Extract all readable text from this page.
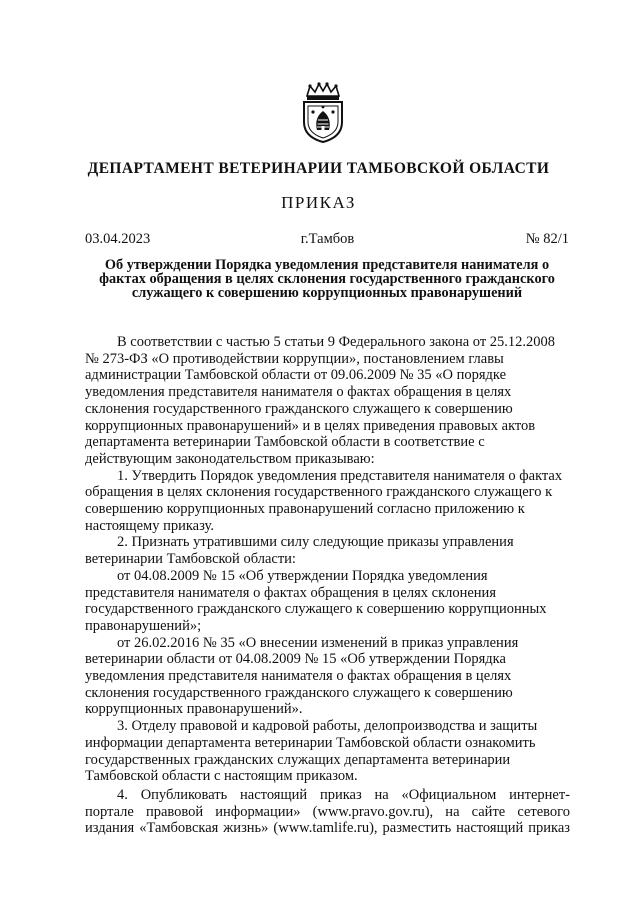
ДЕПАРТАМЕНТ ВЕТЕРИНАРИИ ТАМБОВСКОЙ ОБЛАСТИ
ПРИКАЗ
03.04.2023	г.Тамбов	№ 82/1
Об утверждении Порядка уведомления представителя нанимателя о
фактах обращения в целях склонения государственного гражданского
служащего к совершению коррупционных правонарушений

В соответствии с частью 5 статьи 9 Федерального закона от 25.12.2008
№ 273-ФЗ «О противодействии коррупции», постановлением главы
администрации Тамбовской области от 09.06.2009 № 35 «О порядке
уведомления представителя нанимателя о фактах обращения в целях
склонения государственного гражданского служащего к совершению
коррупционных правонарушений» и в целях приведения правовых актов
департамента ветеринарии Тамбовской области в соответствие с
действующим законодательством приказываю:

1. Утвердить Порядок уведомления представителя нанимателя о фактах
обращения в целях склонения государственного гражданского служащего к
совершению коррупционных правонарушений согласно приложению к
настоящему приказу.

2. Признать утратившими силу следующие приказы управления
ветеринарии Тамбовской области:

от 04.08.2009 № 15 «Об утверждении Порядка уведомления
представителя нанимателя о фактах обращения в целях склонения
государственного гражданского служащего к совершению коррупционных
правонарушений»;

от 26.02.2016 № 35 «О внесении изменений в приказ управления
ветеринарии области от 04.08.2009 № 15 «Об утверждении Порядка
уведомления представителя нанимателя о фактах обращения в целях
склонения государственного гражданского служащего к совершению
коррупционных правонарушений».

3. Отделу правовой и кадровой работы, делопроизводства и защиты
информации департамента ветеринарии Тамбовской области ознакомить
государственных гражданских служащих департамента ветеринарии
Тамбовской области с настоящим приказом.

4. Опубликовать настоящий приказ на «Официальном интернет-
портале правовой информации» (www.pravo.gov.ru), на сайте сетевого
издания «Тамбовская жизнь» (www.tamlife.ru), разместить настоящий приказ
